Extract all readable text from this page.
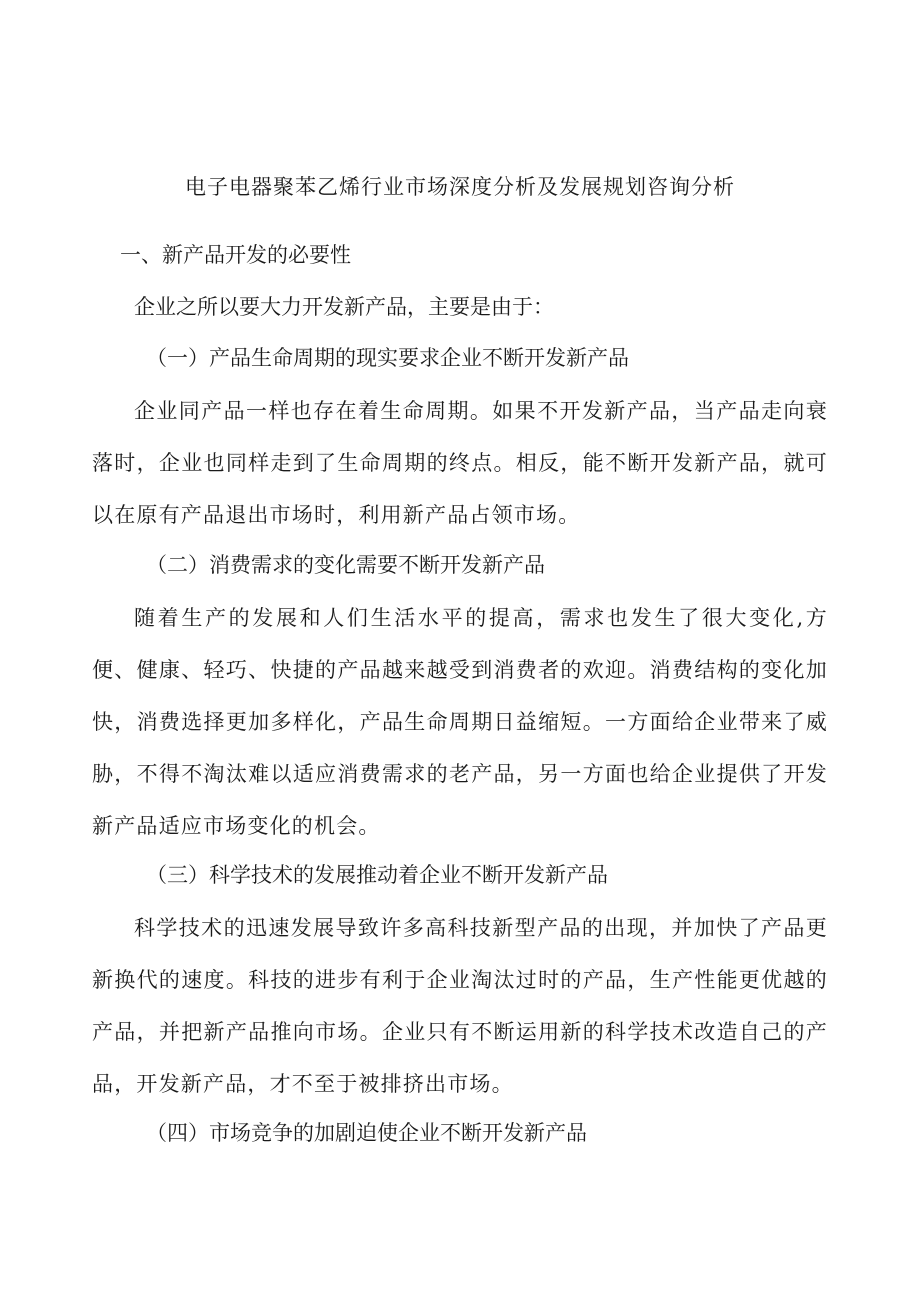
电子电器聚苯乙烯行业市场深度分析及发展规划咨询分析
一、新产品开发的必要性
企业之所以要大力开发新产品，主要是由于：
（一）产品生命周期的现实要求企业不断开发新产品
企业同产品一样也存在着生命周期。如果不开发新产品，当产品走向衰落时，企业也同样走到了生命周期的终点。相反，能不断开发新产品，就可以在原有产品退出市场时，利用新产品占领市场。
（二）消费需求的变化需要不断开发新产品
随着生产的发展和人们生活水平的提高，需求也发生了很大变化,方便、健康、轻巧、快捷的产品越来越受到消费者的欢迎。消费结构的变化加快，消费选择更加多样化，产品生命周期日益缩短。一方面给企业带来了威胁，不得不淘汰难以适应消费需求的老产品，另一方面也给企业提供了开发新产品适应市场变化的机会。
（三）科学技术的发展推动着企业不断开发新产品
科学技术的迅速发展导致许多高科技新型产品的出现，并加快了产品更新换代的速度。科技的进步有利于企业淘汰过时的产品，生产性能更优越的产品，并把新产品推向市场。企业只有不断运用新的科学技术改造自己的产品，开发新产品，才不至于被排挤出市场。
（四）市场竞争的加剧迫使企业不断开发新产品
